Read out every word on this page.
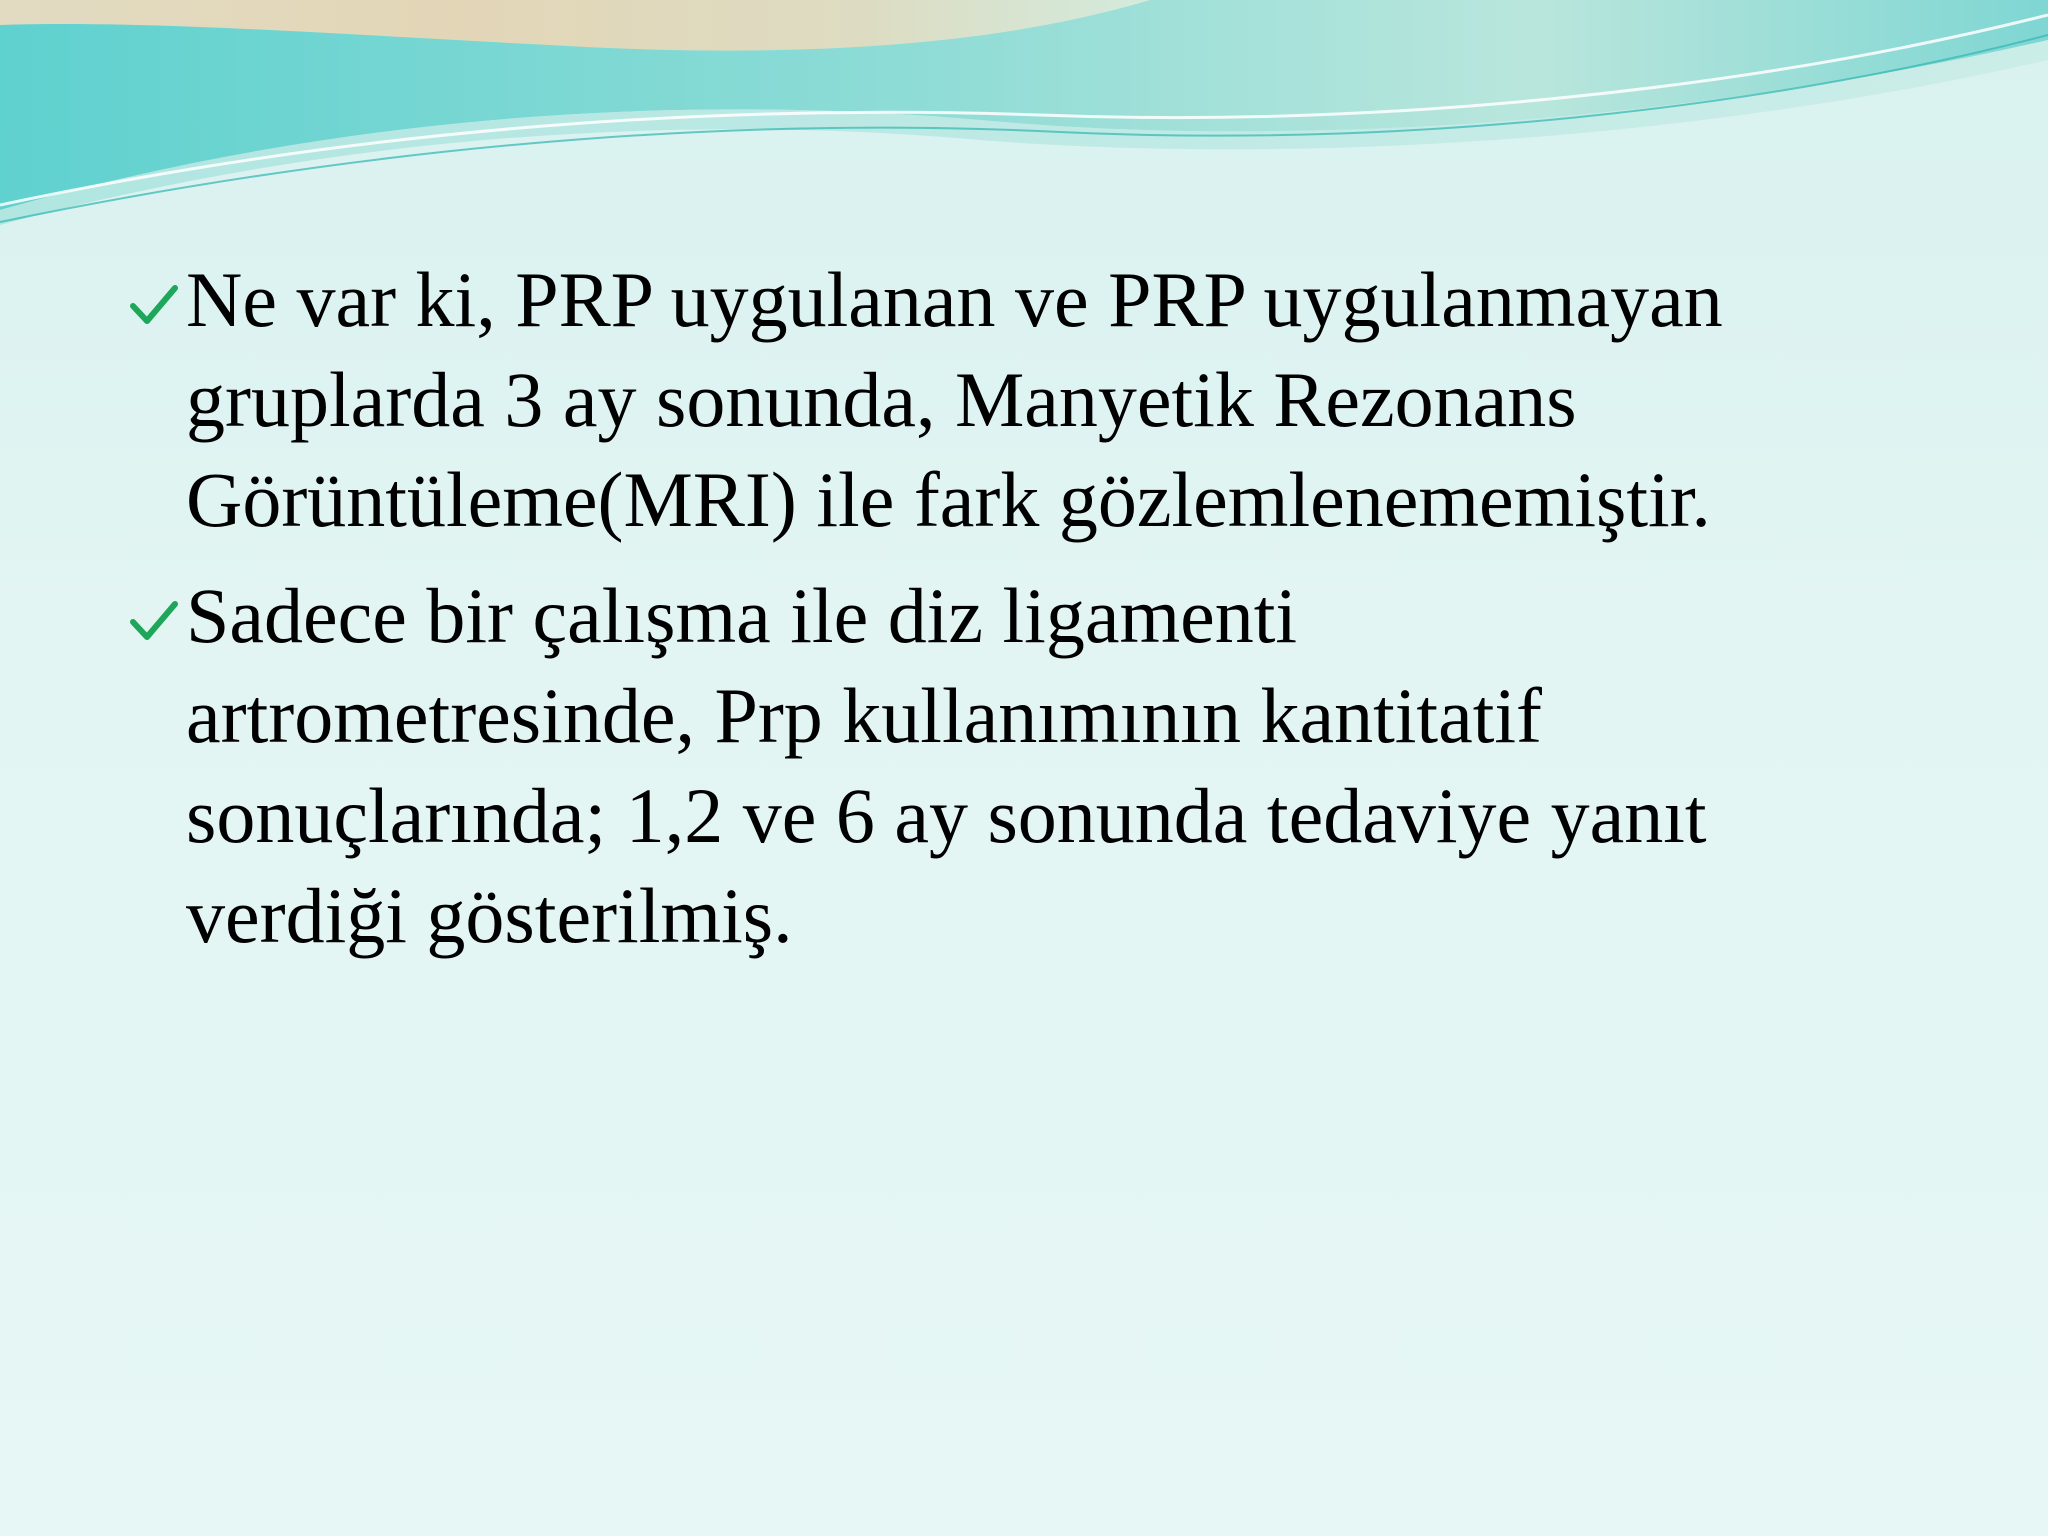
Ne var ki, PRP uygulanan ve PRP uygulanmayan
gruplarda 3 ay sonunda, Manyetik Rezonans
Görüntüleme(MRI) ile fark gözlemlenememiştir.
Sadece bir çalışma ile diz ligamenti
artrometresinde, Prp kullanımının kantitatif
sonuçlarında; 1,2 ve 6 ay sonunda tedaviye yanıt
verdiği gösterilmiş.
